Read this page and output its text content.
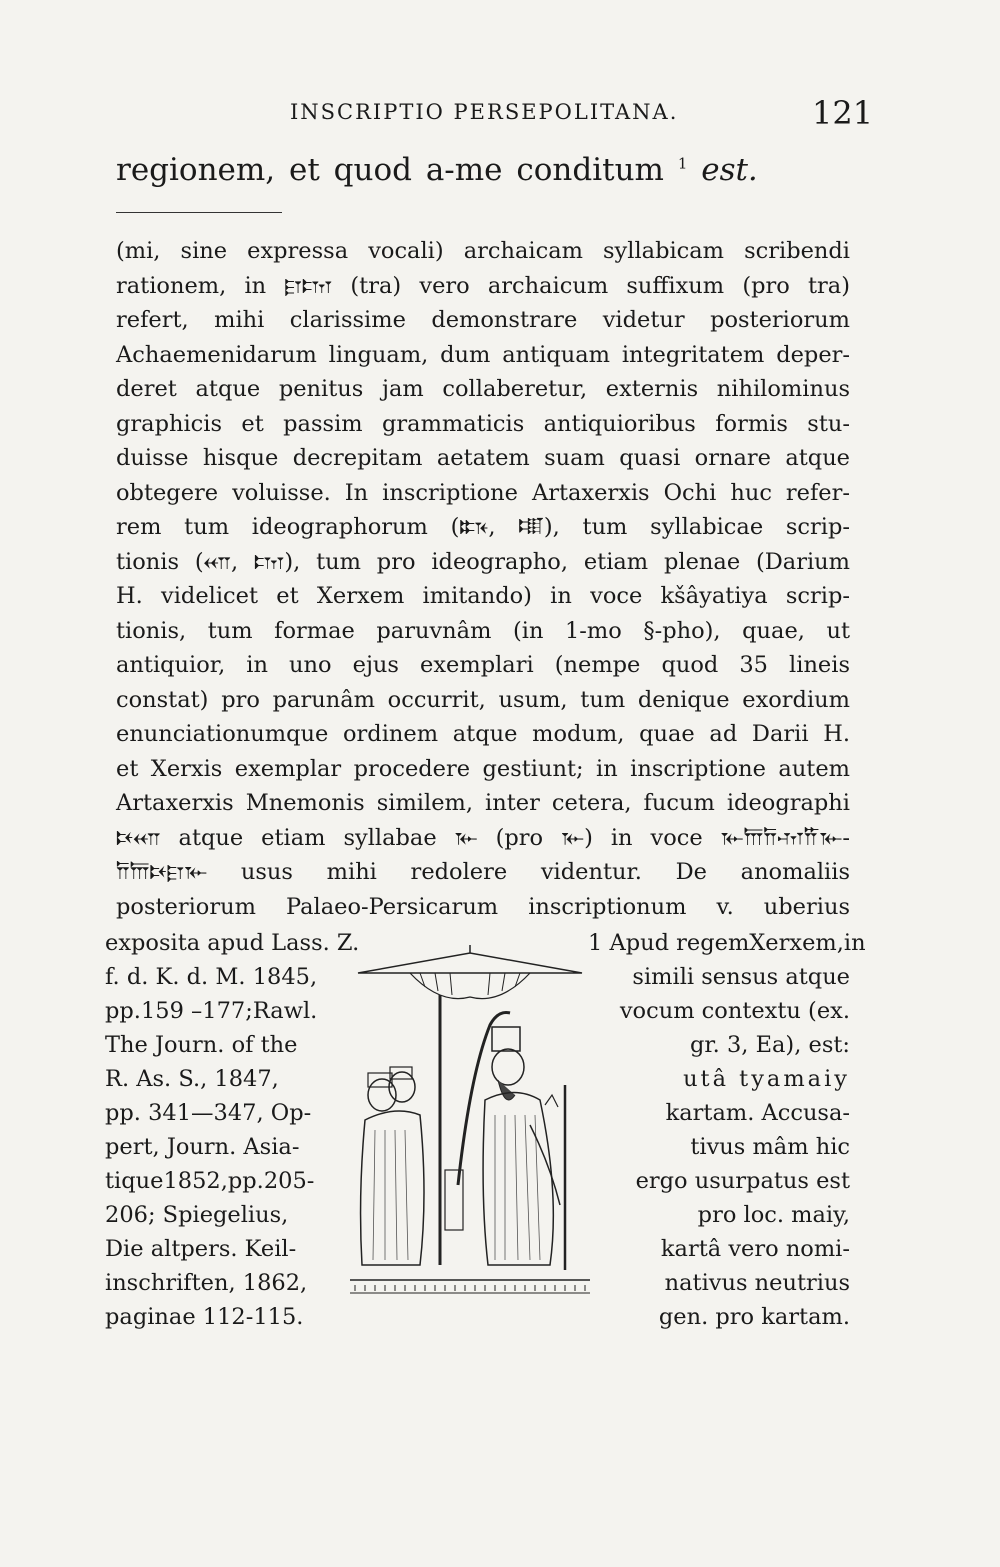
INSCRIPTIO PERSEPOLITANA.	121
regionem, et quod a-me conditum $^1$ est.
(mi, sine expressa vocali) archaicam syllabicam scribendi
rationem, in 𐎼𐎫 (tra) vero archaicum suffixum (pro tra)
refert, mihi clarissime demonstrare videtur posteriorum
Achaemenidarum linguam, dum antiquam integritatem deper-
deret atque penitus jam collaberetur, externis nihilominus
graphicis et passim grammaticis antiquioribus formis stu-
duisse hisque decrepitam aetatem suam quasi ornare atque
obtegere voluisse. In inscriptione Artaxerxis Ochi huc refer-
rem tum ideographorum (𐏈, 𐏉), tum syllabicae scrip-
tionis (𐎧, 𐎫), tum pro ideographo, etiam plenae (Darium
H. videlicet et Xerxem imitando) in voce kšâyatiya scrip-
tionis, tum formae paruvnâm (in 1-mo §-pho), quae, ut
antiquior, in uno ejus exemplari (nempe quod 35 lineis
constat) pro parunâm occurrit, usum, tum denique exordium
enunciationumque ordinem atque modum, quae ad Darii H.
et Xerxis exemplar procedere gestiunt; in inscriptione autem
Artaxerxis Mnemonis similem, inter cetera, fucum ideographi
𐎴𐎧 atque etiam syllabae 𐎹 (pro 𐎹) in voce 𐎹𐎠𐎭𐎶𐎡𐎹-
𐎭𐎠𐎴𐎼𐎹 usus mihi redolere videntur. De anomaliis
posteriorum Palaeo-Persicarum inscriptionum v. uberius
exposita apud Lass. Z.
f. d. K. d. M. 1845,
pp.159 –177;Rawl.
The Journ. of the
R. As. S., 1847,
pp. 341—347, Op-
pert, Journ. Asia-
tique1852,pp.205-
206; Spiegelius,
Die altpers. Keil-
inschriften, 1862,
paginae 112-115.
1 Apud regemXerxem,in
simili sensus atque
vocum contextu (ex.
gr. 3, Ea), est:
utâ tyamaiy
kartam. Accusa-
tivus mâm hic
ergo usurpatus est
pro loc. maiy,
kartâ vero nomi-
nativus neutrius
gen. pro kartam.
